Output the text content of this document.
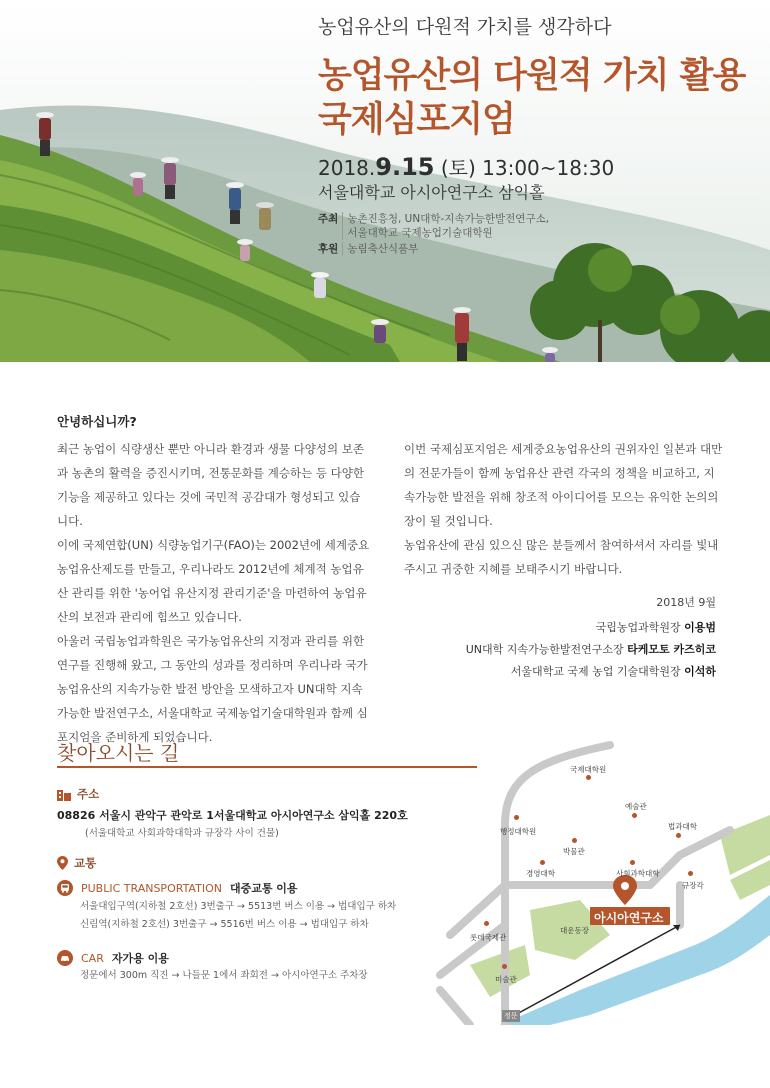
농업유산의 다원적 가치를 생각하다
농업유산의 다원적 가치 활용
국제심포지엄
2018.9.15 (토) 13:00~18:30
서울대학교 아시아연구소 삼익홀
주최 농촌진흥청, UN대학-지속가능한발전연구소,
서울대학교 국제농업기술대학원
후원 농림축산식품부
안녕하십니까?

최근 농업이 식량생산 뿐만 아니라 환경과 생물 다양성의 보존과 농촌의 활력을 증진시키며, 전통문화를 계승하는 등 다양한 기능을 제공하고 있다는 것에 국민적 공감대가 형성되고 있습니다.

이에 국제연합(UN) 식량농업기구(FAO)는 2002년에 세계중요농업유산제도를 만들고, 우리나라도 2012년에 체계적 농업유산 관리를 위한 '농어업 유산지정 관리기준'을 마련하여 농업유산의 보전과 관리에 힘쓰고 있습니다.

아울러 국립농업과학원은 국가농업유산의 지정과 관리를 위한 연구를 진행해 왔고, 그 동안의 성과를 정리하며 우리나라 국가농업유산의 지속가능한 발전 방안을 모색하고자 UN대학 지속가능한 발전연구소, 서울대학교 국제농업기술대학원과 함께 심포지엄을 준비하게 되었습니다.

이번 국제심포지엄은 세계중요농업유산의 권위자인 일본과 대만의 전문가들이 함께 농업유산 관련 각국의 정책을 비교하고, 지속가능한 발전을 위해 창조적 아이디어를 모으는 유익한 논의의 장이 될 것입니다.

농업유산에 관심 있으신 많은 분들께서 참여하셔서 자리를 빛내주시고 귀중한 지혜를 보태주시기 바랍니다.

2018년 9월
국립농업과학원장 이용범
UN대학 지속가능한발전연구소장 타케모토 카즈히코
서울대학교 국제 농업 기술대학원장 이석하
찾아오시는 길
주소
08826 서울시 관악구 관악로 1서울대학교 아시아연구소 삼익홀 220호
(서울대학교 사회과학대학과 규장각 사이 건물)
교통
PUBLIC TRANSPORTATION 대중교통 이용
서울대입구역(지하철 2호선) 3번출구 → 5513번 버스 이용 → 법대입구 하차
신림역(지하철 2호선) 3번출구 → 5516번 버스 이용 → 법대입구 하차
CAR 자가용 이용
정문에서 300m 직진 → 나들문 1에서 좌회전 → 아시아연구소 주차장
국제대학원
예술관
법과대학
행정대학원
박물관
사회과학대학
규장각
경영대학
대운동장
롯데국제관
미술관
정문
아시아연구소
